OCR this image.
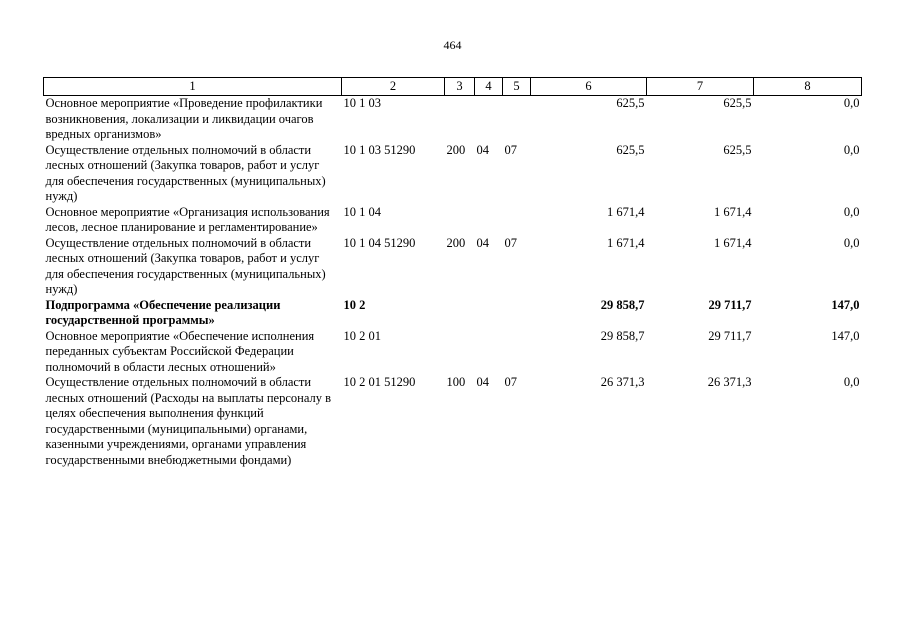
464
1	2	3	4	5	6	7	8
Основное мероприятие «Проведение профилактики возникновения, локализации и ликвидации очагов вредных организмов»	10 1 03				625,5	625,5	0,0
Осуществление отдельных полномочий в области лесных отношений (Закупка товаров, работ и услуг для обеспечения государственных (муниципальных) нужд)	10 1 03 51290	200	04	07	625,5	625,5	0,0
Основное мероприятие «Организация использования лесов, лесное планирование и регламентирование»	10 1 04				1 671,4	1 671,4	0,0
Осуществление отдельных полномочий в области лесных отношений (Закупка товаров, работ и услуг для обеспечения государственных (муниципальных) нужд)	10 1 04 51290	200	04	07	1 671,4	1 671,4	0,0
Подпрограмма «Обеспечение реализации государственной программы»	10 2				29 858,7	29 711,7	147,0
Основное мероприятие «Обеспечение исполнения переданных субъектам Российской Федерации полномочий в области лесных отношений»	10 2 01				29 858,7	29 711,7	147,0
Осуществление отдельных полномочий в области лесных отношений (Расходы на выплаты персоналу в целях обеспечения выполнения функций государственными (муниципальными) органами, казенными учреждениями, органами управления государственными внебюджетными фондами)	10 2 01 51290	100	04	07	26 371,3	26 371,3	0,0
